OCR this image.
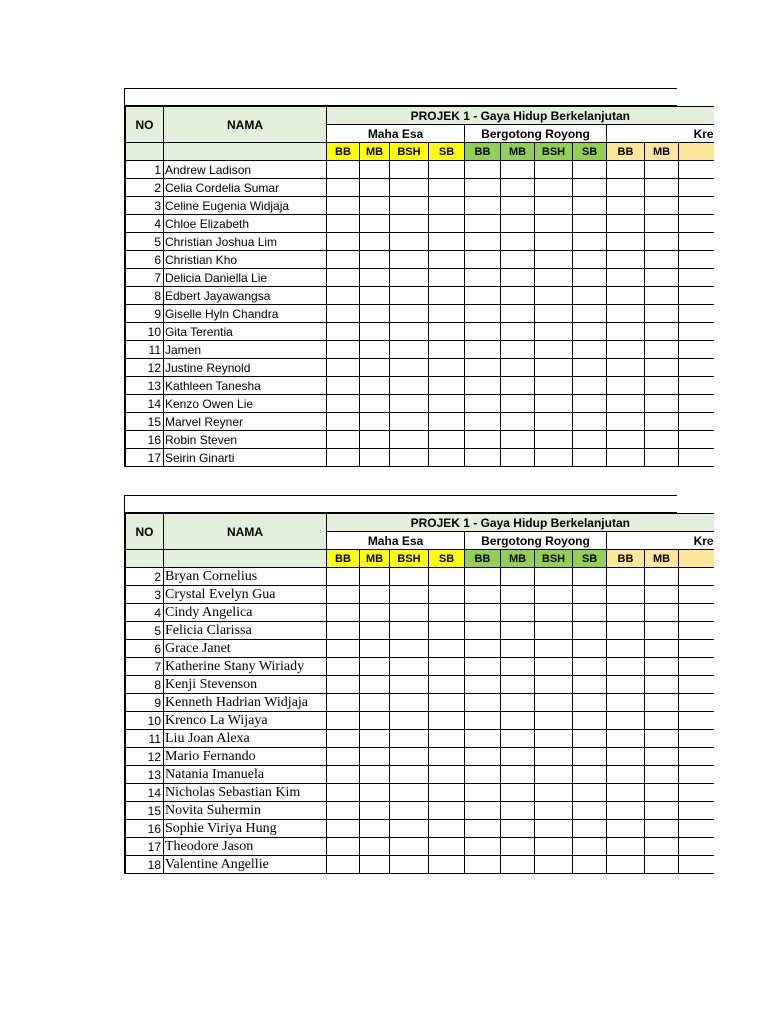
NO	NAMA	PROJEK 1 - Gaya Hidup Berkelanjutan										
		Maha Esa				Bergotong Royong				Kre		
		BB	MB	BSH	SB	BB	MB	BSH	SB	BB	MB	
1	Andrew Ladison											
2	Celia Cordelia Sumar											
3	Celine Eugenia Widjaja											
4	Chloe Elizabeth											
5	Christian Joshua Lim											
6	Christian Kho											
7	Delicia Daniella Lie											
8	Edbert Jayawangsa											
9	Giselle Hyln Chandra											
10	Gita Terentia											
11	Jamen											
12	Justine Reynold											
13	Kathleen Tanesha											
14	Kenzo Owen Lie											
15	Marvel Reyner											
16	Robin Steven											
17	Seirin Ginarti											
NO	NAMA	PROJEK 1 - Gaya Hidup Berkelanjutan										
		Maha Esa				Bergotong Royong				Kre		
		BB	MB	BSH	SB	BB	MB	BSH	SB	BB	MB	
2	Bryan Cornelius											
3	Crystal Evelyn Gua											
4	Cindy Angelica											
5	Felicia Clarissa											
6	Grace Janet											
7	Katherine Stany Wiriady											
8	Kenji Stevenson											
9	Kenneth Hadrian Widjaja											
10	Krenco La Wijaya											
11	Liu Joan Alexa											
12	Mario Fernando											
13	Natania Imanuela											
14	Nicholas Sebastian Kim											
15	Novita Suhermin											
16	Sophie Viriya Hung											
17	Theodore Jason											
18	Valentine Angellie											
